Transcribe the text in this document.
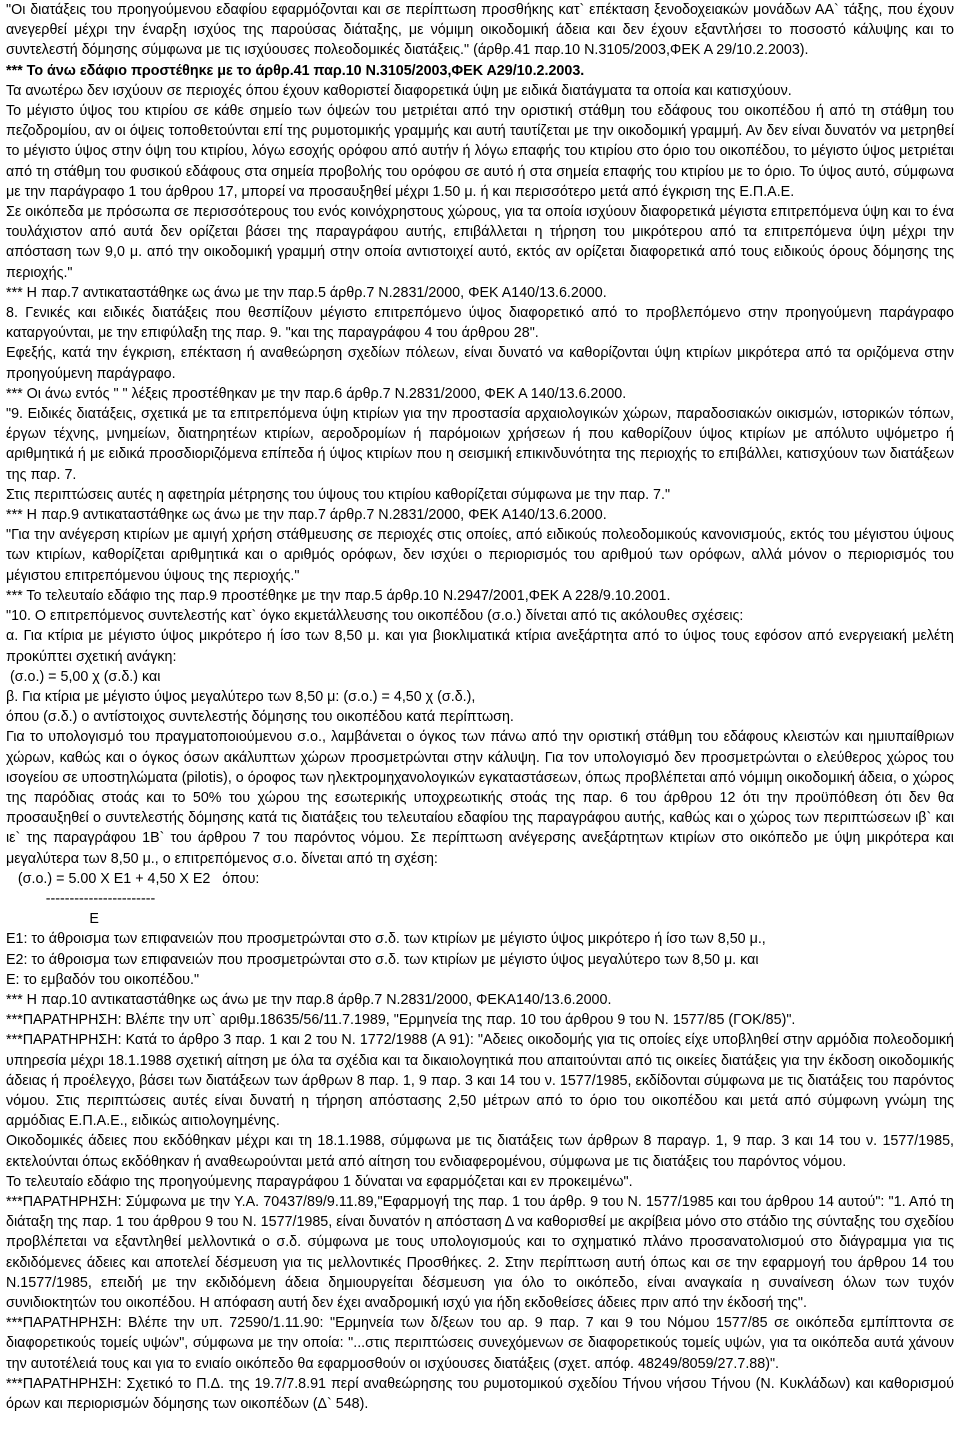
"Οι διατάξεις του προηγούμενου εδαφίου εφαρμόζονται και σε περίπτωση προσθήκης κατ` επέκταση ξενοδοχειακών μονάδων ΑΑ` τάξης, που έχουν ανεγερθεί μέχρι την έναρξη ισχύος της παρούσας διάταξης, με νόμιμη οικοδομική άδεια και δεν έχουν εξαντλήσει το ποσοστό κάλυψης και το συντελεστή δόμησης σύμφωνα με τις ισχύουσες πολεοδομικές διατάξεις." (άρθρ.41 παρ.10 Ν.3105/2003,ΦΕΚ Α 29/10.2.2003).

*** Το άνω εδάφιο προστέθηκε με το άρθρ.41 παρ.10 Ν.3105/2003,ΦΕΚ Α29/10.2.2003.

Τα ανωτέρω δεν ισχύουν σε περιοχές όπου έχουν καθοριστεί διαφορετικά ύψη με ειδικά διατάγματα τα οποία και κατισχύουν.

Το μέγιστο ύψος του κτιρίου σε κάθε σημείο των όψεών του μετριέται από την οριστική στάθμη του εδάφους του οικοπέδου ή από τη στάθμη του πεζοδρομίου, αν οι όψεις τοποθετούνται επί της ρυμοτομικής γραμμής και αυτή ταυτίζεται με την οικοδομική γραμμή. Αν δεν είναι δυνατόν να μετρηθεί το μέγιστο ύψος στην όψη του κτιρίου, λόγω εσοχής ορόφου από αυτήν ή λόγω επαφής του κτιρίου στο όριο του οικοπέδου, το μέγιστο ύψος μετριέται από τη στάθμη του φυσικού εδάφους στα σημεία προβολής του ορόφου σε αυτό ή στα σημεία επαφής του κτιρίου με το όριο. Το ύψος αυτό, σύμφωνα με την παράγραφο 1 του άρθρου 17, μπορεί να προσαυξηθεί μέχρι 1.50 μ. ή και περισσότερο μετά από έγκριση της Ε.Π.Α.Ε.

Σε οικόπεδα με πρόσωπα σε περισσότερους του ενός κοινόχρηστους χώρους, για τα οποία ισχύουν διαφορετικά μέγιστα επιτρεπόμενα ύψη και το ένα τουλάχιστον από αυτά δεν ορίζεται βάσει της παραγράφου αυτής, επιβάλλεται η τήρηση του μικρότερου από τα επιτρεπόμενα ύψη μέχρι την απόσταση των 9,0 μ. από την οικοδομική γραμμή στην οποία αντιστοιχεί αυτό, εκτός αν ορίζεται διαφορετικά από τους ειδικούς όρους δόμησης της περιοχής."

*** Η παρ.7 αντικαταστάθηκε ως άνω με την παρ.5 άρθρ.7 Ν.2831/2000, ΦΕΚ Α140/13.6.2000.

8. Γενικές και ειδικές διατάξεις που θεσπίζουν μέγιστο επιτρεπόμενο ύψος διαφορετικό από το προβλεπόμενο στην προηγούμενη παράγραφο καταργούνται, με την επιφύλαξη της παρ. 9. "και της παραγράφου 4 του άρθρου 28".

Εφεξής, κατά την έγκριση, επέκταση ή αναθεώρηση σχεδίων πόλεων, είναι δυνατό να καθορίζονται ύψη κτιρίων μικρότερα από τα οριζόμενα στην προηγούμενη παράγραφο.

*** Οι άνω εντός " " λέξεις προστέθηκαν με την παρ.6 άρθρ.7 Ν.2831/2000, ΦΕΚ Α 140/13.6.2000.

"9. Ειδικές διατάξεις, σχετικά με τα επιτρεπόμενα ύψη κτιρίων για την προστασία αρχαιολογικών χώρων, παραδοσιακών οικισμών, ιστορικών τόπων, έργων τέχνης, μνημείων, διατηρητέων κτιρίων, αεροδρομίων ή παρόμοιων χρήσεων ή που καθορίζουν ύψος κτιρίων με απόλυτο υψόμετρο ή αριθμητικά ή με ειδικά προσδιοριζόμενα επίπεδα ή ύψος κτιρίων που η σεισμική επικινδυνότητα της περιοχής το επιβάλλει, κατισχύουν των διατάξεων της παρ. 7.

Στις περιπτώσεις αυτές η αφετηρία μέτρησης του ύψους του κτιρίου καθορίζεται σύμφωνα με την παρ. 7."

*** Η παρ.9 αντικαταστάθηκε ως άνω με την παρ.7 άρθρ.7 Ν.2831/2000, ΦΕΚ Α140/13.6.2000.

"Για την ανέγερση κτιρίων με αμιγή χρήση στάθμευσης σε περιοχές στις οποίες, από ειδικούς πολεοδομικούς κανονισμούς, εκτός του μέγιστου ύψους των κτιρίων, καθορίζεται αριθμητικά και ο αριθμός ορόφων, δεν ισχύει ο περιορισμός του αριθμού των ορόφων, αλλά μόνον ο περιορισμός του μέγιστου επιτρεπόμενου ύψους της περιοχής."

*** Το τελευταίο εδάφιο της παρ.9 προστέθηκε με την παρ.5 άρθρ.10 Ν.2947/2001,ΦΕΚ Α 228/9.10.2001.

"10. Ο επιτρεπόμενος συντελεστής κατ` όγκο εκμετάλλευσης του οικοπέδου (σ.ο.) δίνεται από τις ακόλουθες σχέσεις:

α. Για κτίρια με μέγιστο ύψος μικρότερο ή ίσο των 8,50 μ. και για βιοκλιματικά κτίρια ανεξάρτητα από το ύψος τους εφόσον από ενεργειακή μελέτη προκύπτει σχετική ανάγκη:

(σ.ο.) = 5,00 χ (σ.δ.) και

β. Για κτίρια με μέγιστο ύψος μεγαλύτερο των 8,50 μ: (σ.ο.) = 4,50 χ (σ.δ.),

όπου (σ.δ.) ο αντίστοιχος συντελεστής δόμησης του οικοπέδου κατά περίπτωση.

Για το υπολογισμό του πραγματοποιούμενου σ.ο., λαμβάνεται ο όγκος των πάνω από την οριστική στάθμη του εδάφους κλειστών και ημιυπαίθριων χώρων, καθώς και ο όγκος όσων ακάλυπτων χώρων προσμετρώνται στην κάλυψη. Για τον υπολογισμό δεν προσμετρώνται ο ελεύθερος χώρος του ισογείου σε υποστηλώματα (pilotis), ο όροφος των ηλεκτρομηχανολογικών εγκαταστάσεων, όπως προβλέπεται από νόμιμη οικοδομική άδεια, ο χώρος της παρόδιας στοάς και το 50% του χώρου της εσωτερικής υποχρεωτικής στοάς της παρ. 6 του άρθρου 12 ότι την προϋπόθεση ότι δεν θα προσαυξηθεί ο συντελεστής δόμησης κατά τις διατάξεις του τελευταίου εδαφίου της παραγράφου αυτής, καθώς και ο χώρος των περιπτώσεων ιβ` και ιε` της παραγράφου 1Β` του άρθρου 7 του παρόντος νόμου. Σε περίπτωση ανέγερσης ανεξάρτητων κτιρίων στο οικόπεδο με ύψη μικρότερα και μεγαλύτερα των 8,50 μ., ο επιτρεπόμενος σ.ο. δίνεται από τη σχέση:

(σ.ο.) = 5.00 Χ Ε1 + 4,50 Χ Ε2   όπου:

-----------------------

Ε

Ε1: το άθροισμα των επιφανειών που προσμετρώνται στο σ.δ. των κτιρίων με μέγιστο ύψος μικρότερο ή ίσο των 8,50 μ.,

Ε2: το άθροισμα των επιφανειών που προσμετρώνται στο σ.δ. των κτιρίων με μέγιστο ύψος μεγαλύτερο των 8,50 μ. και

Ε: το εμβαδόν του οικοπέδου."

*** Η παρ.10 αντικαταστάθηκε ως άνω με την παρ.8 άρθρ.7 Ν.2831/2000, ΦΕΚΑ140/13.6.2000.

***ΠΑΡΑΤΗΡΗΣΗ: Βλέπε την υπ` αριθμ.18635/56/11.7.1989, "Ερμηνεία της παρ. 10 του άρθρου 9 του Ν. 1577/85 (ΓΟΚ/85)".

***ΠΑΡΑΤΗΡΗΣΗ: Κατά το άρθρο 3 παρ. 1 και 2 του Ν. 1772/1988 (Α 91): "Αδειες οικοδομής για τις οποίες είχε υποβληθεί στην αρμόδια πολεοδομική υπηρεσία μέχρι 18.1.1988 σχετική αίτηση με όλα τα σχέδια και τα δικαιολογητικά που απαιτούνται από τις οικείες διατάξεις για την έκδοση οικοδομικής άδειας ή προέλεγχο, βάσει των διατάξεων των άρθρων 8 παρ. 1, 9 παρ. 3 και 14 του ν. 1577/1985, εκδίδονται σύμφωνα με τις διατάξεις του παρόντος νόμου. Στις περιπτώσεις αυτές είναι δυνατή η τήρηση απόστασης 2,50 μέτρων από το όριο του οικοπέδου και μετά από σύμφωνη γνώμη της αρμόδιας Ε.Π.Α.Ε., ειδικώς αιτιολογημένης.

Οικοδομικές άδειες που εκδόθηκαν μέχρι και τη 18.1.1988, σύμφωνα με τις διατάξεις των άρθρων 8 παραγρ. 1, 9 παρ. 3 και 14 του ν. 1577/1985, εκτελούνται όπως εκδόθηκαν ή αναθεωρούνται μετά από αίτηση του ενδιαφερομένου, σύμφωνα με τις διατάξεις του παρόντος νόμου.

Το τελευταίο εδάφιο της προηγούμενης παραγράφου 1 δύναται να εφαρμόζεται και εν προκειμένω".

***ΠΑΡΑΤΗΡΗΣΗ: Σύμφωνα με την Υ.Α. 70437/89/9.11.89,"Εφαρμογή της παρ. 1 του άρθρ. 9 του Ν. 1577/1985 και του άρθρου 14 αυτού": "1. Από τη διάταξη της παρ. 1 του άρθρου 9 του Ν. 1577/1985, είναι δυνατόν η απόσταση Δ να καθορισθεί με ακρίβεια μόνο στο στάδιο της σύνταξης του σχεδίου προβλέπεται να εξαντληθεί μελλοντικά ο σ.δ. σύμφωνα με τους υπολογισμούς και το σχηματικό πλάνο προσανατολισμού στο διάγραμμα για τις εκδιδόμενες άδειες και αποτελεί δέσμευση για τις μελλοντικές Προσθήκες. 2. Στην περίπτωση αυτή όπως και σε την εφαρμογή του άρθρου 14 του Ν.1577/1985, επειδή με την εκδιδόμενη άδεια δημιουργείται δέσμευση για όλο το οικόπεδο, είναι αναγκαία η συναίνεση όλων των τυχόν συνιδιοκτητών του οικοπέδου. Η απόφαση αυτή δεν έχει αναδρομική ισχύ για ήδη εκδοθείσες άδειες πριν από την έκδοσή της".

***ΠΑΡΑΤΗΡΗΣΗ: Βλέπε την υπ. 72590/1.11.90: "Ερμηνεία των δ/ξεων του αρ. 9 παρ. 7 και 9 του Νόμου 1577/85 σε οικόπεδα εμπίπτοντα σε διαφορετικούς τομείς υψών", σύμφωνα με την οποία: "...στις περιπτώσεις συνεχόμενων σε διαφορετικούς τομείς υψών, για τα οικόπεδα αυτά χάνουν την αυτοτέλειά τους και για το ενιαίο οικόπεδο θα εφαρμοσθούν οι ισχύουσες διατάξεις (σχετ. απόφ. 48249/8059/27.7.88)".

***ΠΑΡΑΤΗΡΗΣΗ: Σχετικό το Π.Δ. της 19.7/7.8.91 περί αναθεώρησης του ρυμοτομικού σχεδίου Τήνου νήσου Τήνου (Ν. Κυκλάδων) και καθορισμού όρων και περιορισμών δόμησης των οικοπέδων (Δ` 548).
